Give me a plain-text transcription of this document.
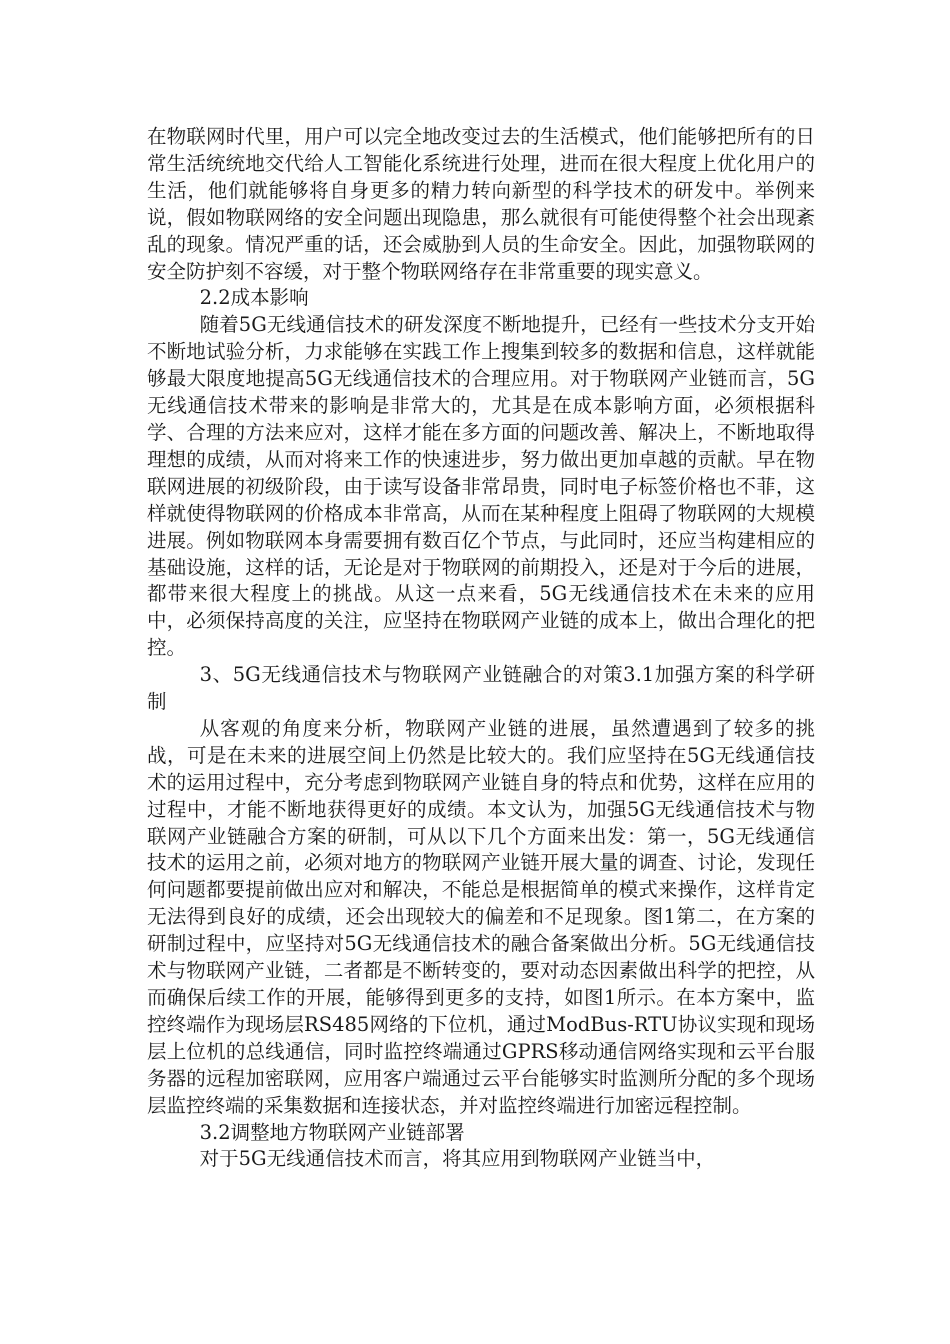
在物联网时代里，用户可以完全地改变过去的生活模式，他们能够把所有的日常生活统统地交代给人工智能化系统进行处理，进而在很大程度上优化用户的生活，他们就能够将自身更多的精力转向新型的科学技术的研发中。举例来说，假如物联网络的安全问题出现隐患，那么就很有可能使得整个社会出现紊乱的现象。情况严重的话，还会威胁到人员的生命安全。因此，加强物联网的安全防护刻不容缓，对于整个物联网络存在非常重要的现实意义。

2.2成本影响

随着5G无线通信技术的研发深度不断地提升，已经有一些技术分支开始不断地试验分析，力求能够在实践工作上搜集到较多的数据和信息，这样就能够最大限度地提高5G无线通信技术的合理应用。对于物联网产业链而言，5G无线通信技术带来的影响是非常大的，尤其是在成本影响方面，必须根据科学、合理的方法来应对，这样才能在多方面的问题改善、解决上，不断地取得理想的成绩，从而对将来工作的快速进步，努力做出更加卓越的贡献。早在物联网进展的初级阶段，由于读写设备非常昂贵，同时电子标签价格也不菲，这样就使得物联网的价格成本非常高，从而在某种程度上阻碍了物联网的大规模进展。例如物联网本身需要拥有数百亿个节点，与此同时，还应当构建相应的基础设施，这样的话，无论是对于物联网的前期投入，还是对于今后的进展，都带来很大程度上的挑战。从这一点来看，5G无线通信技术在未来的应用中，必须保持高度的关注，应坚持在物联网产业链的成本上，做出合理化的把控。

3、5G无线通信技术与物联网产业链融合的对策3.1加强方案的科学研制

从客观的角度来分析，物联网产业链的进展，虽然遭遇到了较多的挑战，可是在未来的进展空间上仍然是比较大的。我们应坚持在5G无线通信技术的运用过程中，充分考虑到物联网产业链自身的特点和优势，这样在应用的过程中，才能不断地获得更好的成绩。本文认为，加强5G无线通信技术与物联网产业链融合方案的研制，可从以下几个方面来出发：第一，5G无线通信技术的运用之前，必须对地方的物联网产业链开展大量的调查、讨论，发现任何问题都要提前做出应对和解决，不能总是根据简单的模式来操作，这样肯定无法得到良好的成绩，还会出现较大的偏差和不足现象。图1第二，在方案的研制过程中，应坚持对5G无线通信技术的融合备案做出分析。5G无线通信技术与物联网产业链，二者都是不断转变的，要对动态因素做出科学的把控，从而确保后续工作的开展，能够得到更多的支持，如图1所示。在本方案中，监控终端作为现场层RS485网络的下位机，通过ModBus-RTU协议实现和现场层上位机的总线通信，同时监控终端通过GPRS移动通信网络实现和云平台服务器的远程加密联网，应用客户端通过云平台能够实时监测所分配的多个现场层监控终端的采集数据和连接状态，并对监控终端进行加密远程控制。

3.2调整地方物联网产业链部署

对于5G无线通信技术而言，将其应用到物联网产业链当中，
